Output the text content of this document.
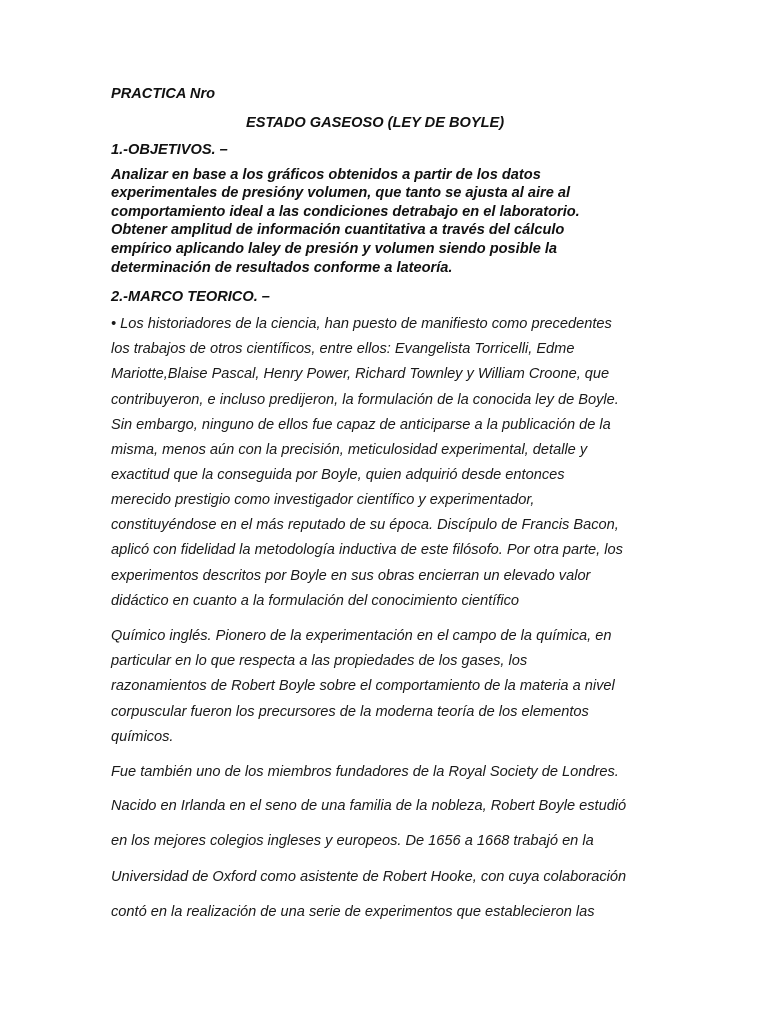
PRACTICA Nro

ESTADO GASEOSO (LEY DE BOYLE)

1.-OBJETIVOS. –

Analizar en base a los gráficos obtenidos a partir de los datos

experimentales de presióny volumen, que tanto se ajusta al aire al

comportamiento ideal a las condiciones detrabajo en el laboratorio.

Obtener amplitud de información cuantitativa a través del cálculo

empírico aplicando laley de presión y volumen siendo posible la

determinación de resultados conforme a lateoría.

2.-MARCO TEORICO. –

• Los historiadores de la ciencia, han puesto de manifiesto como precedentes

los trabajos de otros científicos, entre ellos: Evangelista Torricelli, Edme

Mariotte,Blaise Pascal, Henry Power, Richard Townley y William Croone, que

contribuyeron, e incluso predijeron, la formulación de la conocida ley de Boyle.

Sin embargo, ninguno de ellos fue capaz de anticiparse a la publicación de la

misma, menos aún con la precisión, meticulosidad experimental, detalle y

exactitud que la conseguida por Boyle, quien adquirió desde entonces

merecido prestigio como investigador científico y experimentador,

constituyéndose en el más reputado de su época. Discípulo de Francis Bacon,

aplicó con fidelidad la metodología inductiva de este filósofo. Por otra parte, los

experimentos descritos por Boyle en sus obras encierran un elevado valor

didáctico en cuanto a la formulación del conocimiento científico

Químico inglés. Pionero de la experimentación en el campo de la química, en

particular en lo que respecta a las propiedades de los gases, los

razonamientos de Robert Boyle sobre el comportamiento de la materia a nivel

corpuscular fueron los precursores de la moderna teoría de los elementos

químicos.

Fue también uno de los miembros fundadores de la Royal Society de Londres.

Nacido en Irlanda en el seno de una familia de la nobleza, Robert Boyle estudió

en los mejores colegios ingleses y europeos. De 1656 a 1668 trabajó en la

Universidad de Oxford como asistente de Robert Hooke, con cuya colaboración

contó en la realización de una serie de experimentos que establecieron las
